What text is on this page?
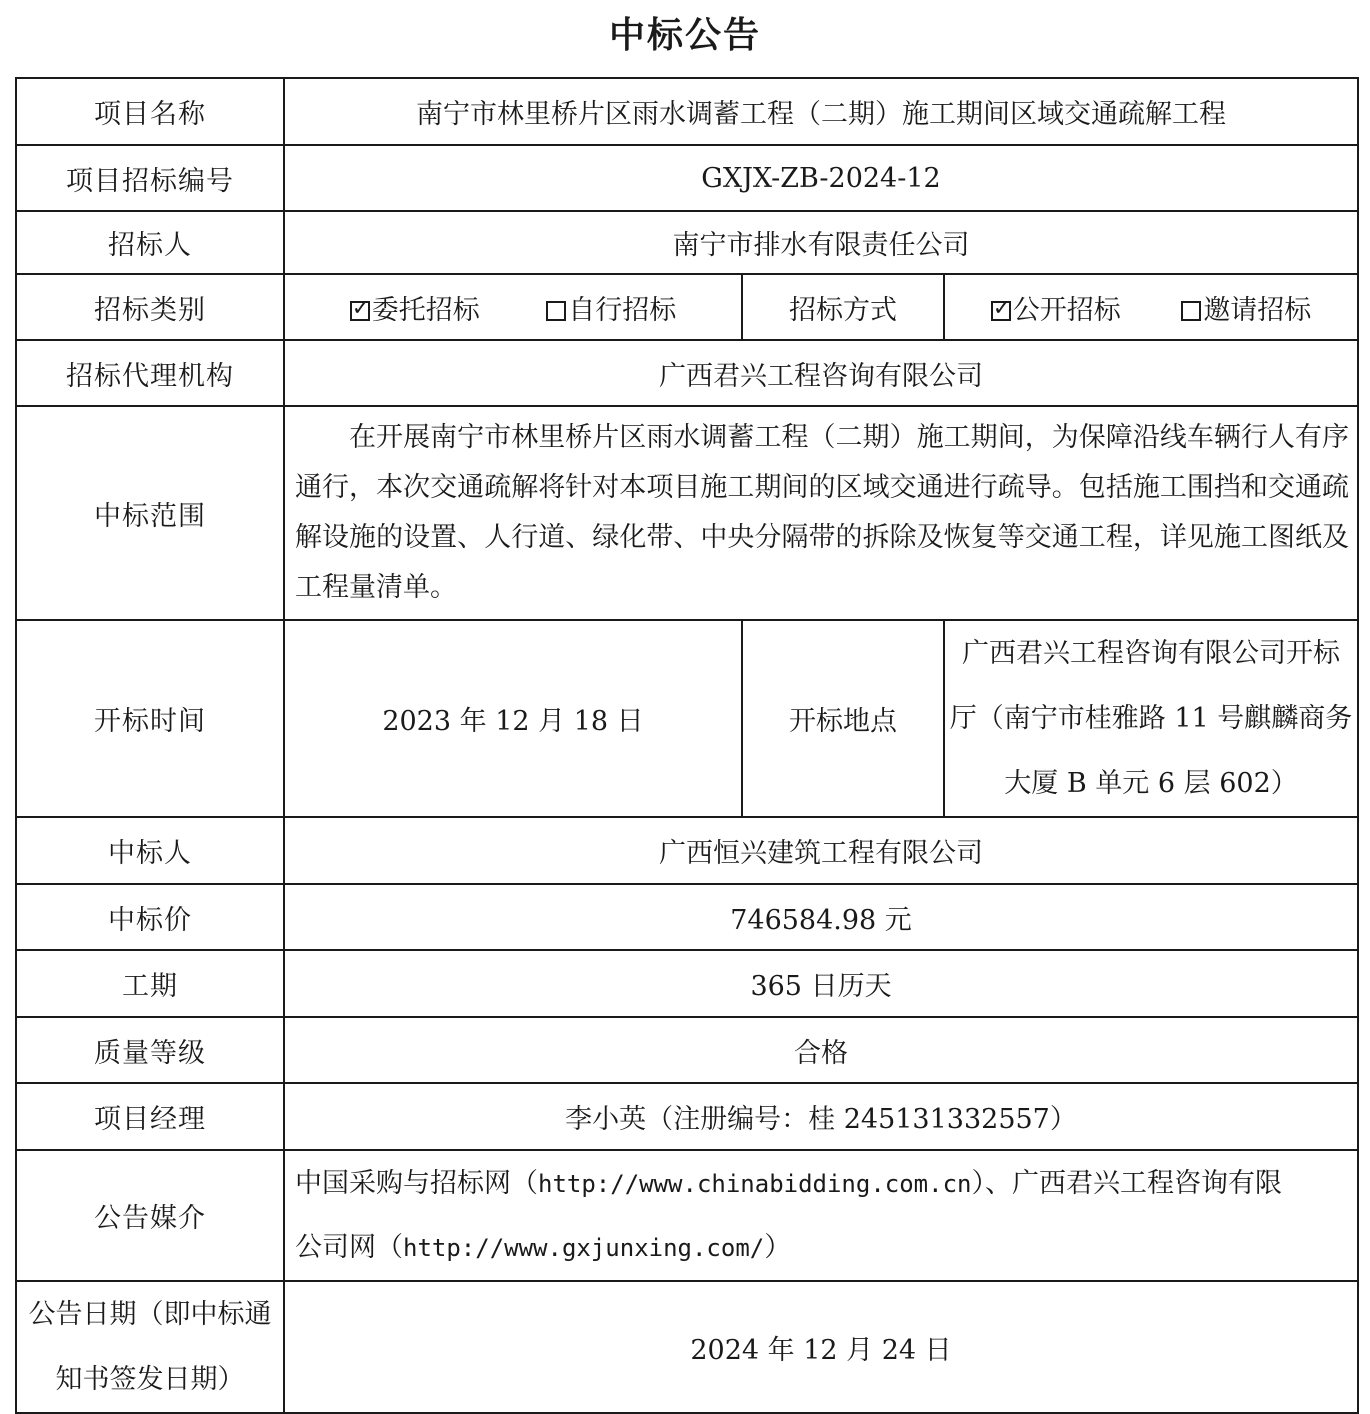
中标公告
项目名称	南宁市林里桥片区雨水调蓄工程（二期）施工期间区域交通疏解工程		
项目招标编号	GXJX-ZB-2024-12		
招标人	南宁市排水有限责任公司		
招标类别	✓ 委托招标 自行招标	招标方式	✓ 公开招标 邀请招标
招标代理机构	广西君兴工程咨询有限公司		
中标范围	在开展南宁市林里桥片区雨水调蓄工程（二期）施工期间，为保障沿线车辆行人有序通行，本次交通疏解将针对本项目施工期间的区域交通进行疏导。包括施工围挡和交通疏解设施的设置、人行道、绿化带、中央分隔带的拆除及恢复等交通工程，详见施工图纸及工程量清单。		
开标时间	2023 年 12 月 18 日	开标地点	广西君兴工程咨询有限公司开标厅（南宁市桂雅路 11 号麒麟商务大厦 B 单元 6 层 602）
中标人	广西恒兴建筑工程有限公司		
中标价	746584.98 元		
工期	365 日历天		
质量等级	合格		
项目经理	李小英（注册编号：桂 245131332557）		
公告媒介	中国采购与招标网（http://www.chinabidding.com.cn）、广西君兴工程咨询有限
公司网（http://www.gxjunxing.com/）		

公告日期（即中标通知书签发日期）	2024 年 12 月 24 日		
